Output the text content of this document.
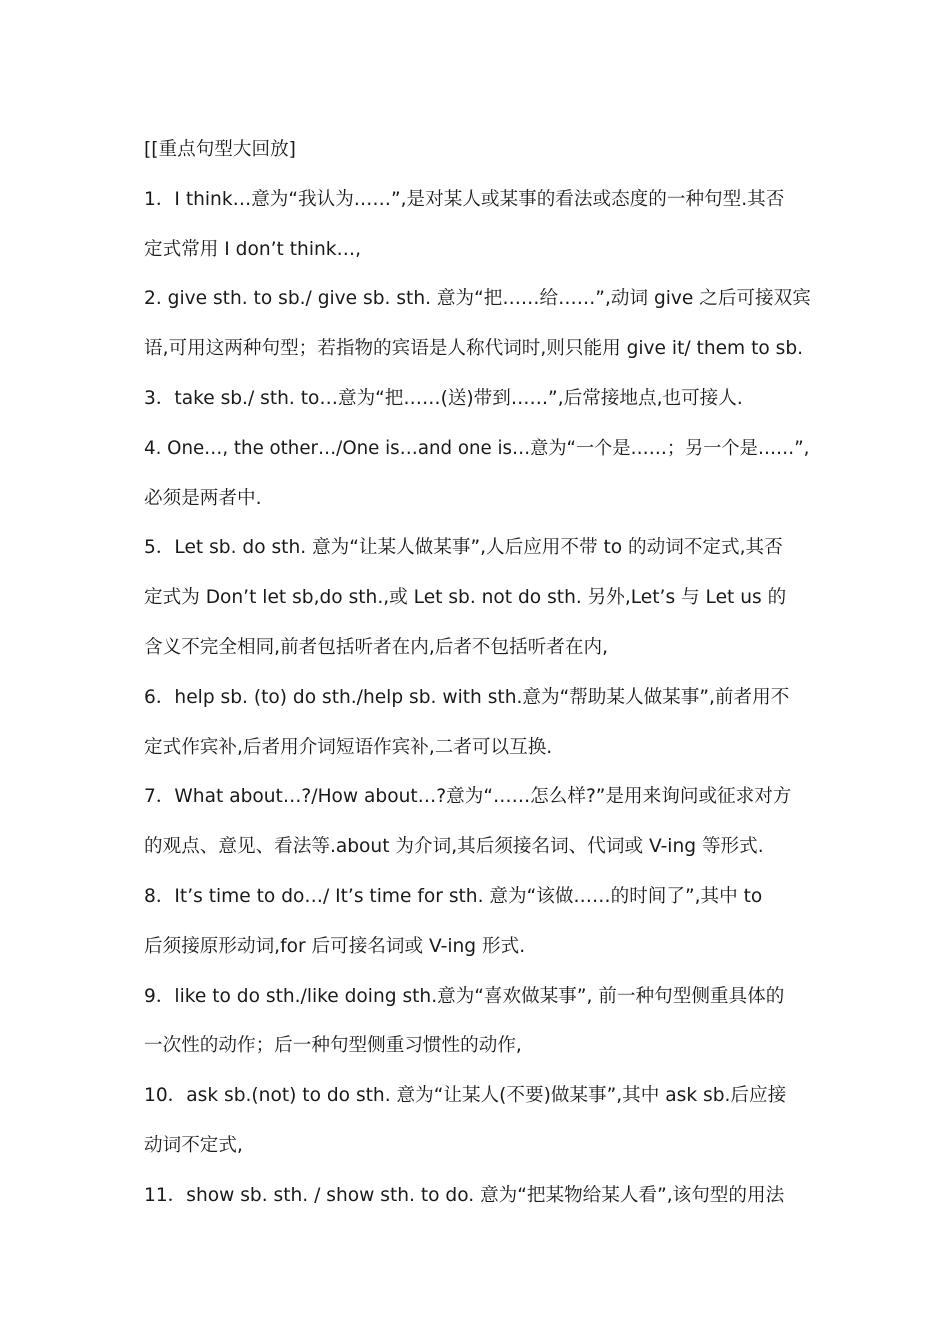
[[重点句型大回放]
1．I think…意为“我认为……”,是对某人或某事的看法或态度的一种句型.其否
定式常用 I don’t think…,
2. give sth. to sb./ give sb. sth. 意为“把……给……”,动词 give 之后可接双宾
语,可用这两种句型；若指物的宾语是人称代词时,则只能用 give it/ them to sb.
3．take sb./ sth. to…意为“把……(送)带到……”,后常接地点,也可接人.
4. One…, the other…/One is…and one is…意为“一个是……；另一个是……”,
必须是两者中.
5．Let sb. do sth. 意为“让某人做某事”,人后应用不带 to 的动词不定式,其否
定式为 Don’t let sb,do sth.,或 Let sb. not do sth. 另外,Let’s 与 Let us 的
含义不完全相同,前者包括听者在内,后者不包括听者在内,
6．help sb. (to) do sth./help sb. with sth.意为“帮助某人做某事”,前者用不
定式作宾补,后者用介词短语作宾补,二者可以互换.
7．What about…?/How about…?意为“……怎么样?”是用来询问或征求对方
的观点、意见、看法等.about 为介词,其后须接名词、代词或 V-ing 等形式.
8．It’s time to do…/ It’s time for sth. 意为“该做……的时间了”,其中 to
后须接原形动词,for 后可接名词或 V-ing 形式.
9．like to do sth./like doing sth.意为“喜欢做某事”, 前一种句型侧重具体的
一次性的动作；后一种句型侧重习惯性的动作,
10．ask sb.(not) to do sth. 意为“让某人(不要)做某事”,其中 ask sb.后应接
动词不定式,
11．show sb. sth. / show sth. to do. 意为“把某物给某人看”,该句型的用法
